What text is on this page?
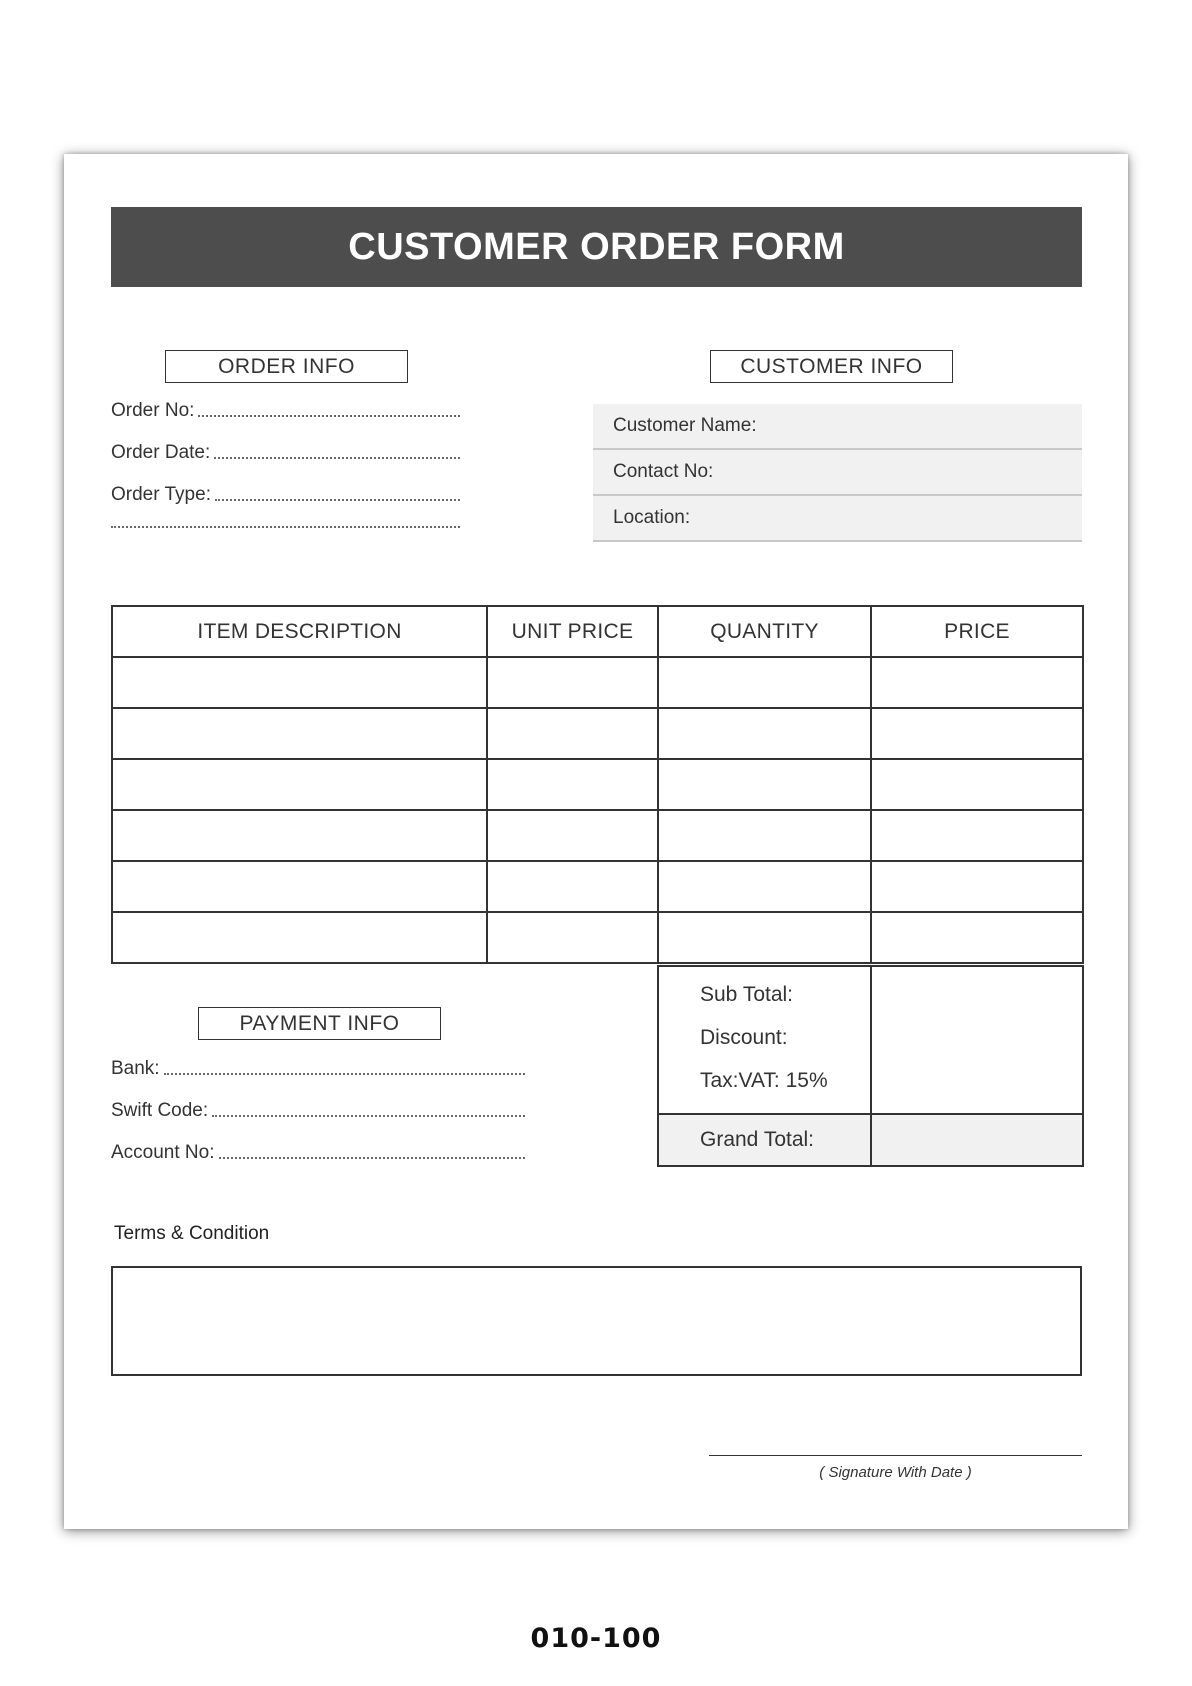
CUSTOMER ORDER FORM
ORDER INFO
Order No:
Order Date:
Order Type:
CUSTOMER INFO
Customer Name:
Contact No:
Location:
ITEM DESCRIPTION	UNIT PRICE	QUANTITY	PRICE

PAYMENT INFO
Bank:
Swift Code:
Account No:
Sub Total:
Discount:
Tax:VAT: 15%	

Grand Total:	
Terms & Condition
( Signature With Date )
010-100
